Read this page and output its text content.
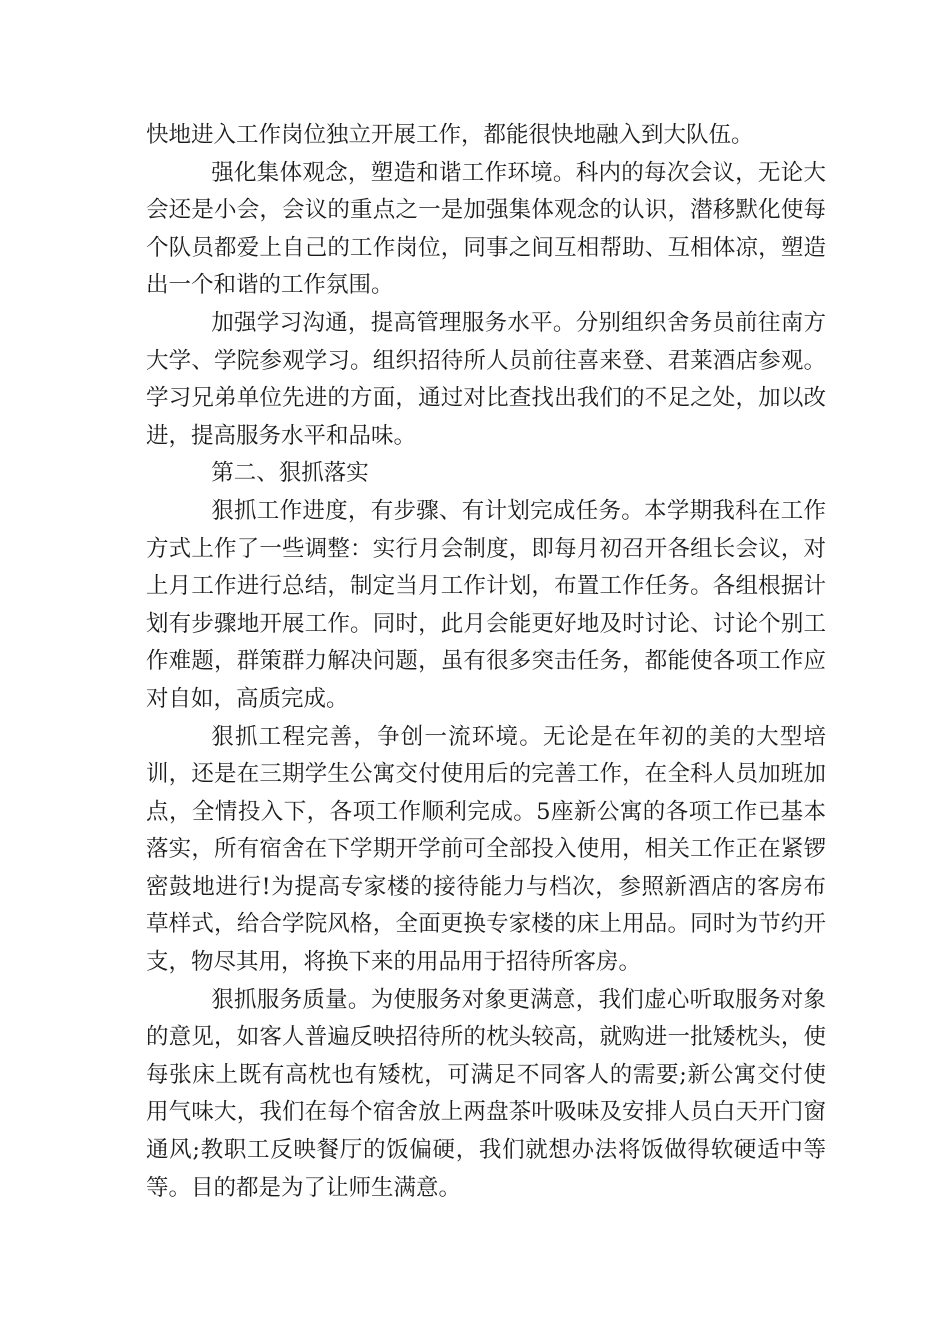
快地进入工作岗位独立开展工作，都能很快地融入到大队伍。

强化集体观念，塑造和谐工作环境。科内的每次会议，无论大会还是小会，会议的重点之一是加强集体观念的认识，潜移默化使每个队员都爱上自己的工作岗位，同事之间互相帮助、互相体凉，塑造出一个和谐的工作氛围。

加强学习沟通，提高管理服务水平。分别组织舍务员前往南方大学、学院参观学习。组织招待所人员前往喜来登、君莱酒店参观。学习兄弟单位先进的方面，通过对比查找出我们的不足之处，加以改进，提高服务水平和品味。

第二、狠抓落实

狠抓工作进度，有步骤、有计划完成任务。本学期我科在工作方式上作了一些调整：实行月会制度，即每月初召开各组长会议，对上月工作进行总结，制定当月工作计划，布置工作任务。各组根据计划有步骤地开展工作。同时，此月会能更好地及时讨论、讨论个别工作难题，群策群力解决问题，虽有很多突击任务，都能使各项工作应对自如，高质完成。

狠抓工程完善，争创一流环境。无论是在年初的美的大型培训，还是在三期学生公寓交付使用后的完善工作，在全科人员加班加点，全情投入下，各项工作顺利完成。5座新公寓的各项工作已基本落实，所有宿舍在下学期开学前可全部投入使用，相关工作正在紧锣密鼓地进行!为提高专家楼的接待能力与档次，参照新酒店的客房布草样式，给合学院风格，全面更换专家楼的床上用品。同时为节约开支，物尽其用，将换下来的用品用于招待所客房。

狠抓服务质量。为使服务对象更满意，我们虚心听取服务对象的意见，如客人普遍反映招待所的枕头较高，就购进一批矮枕头，使每张床上既有高枕也有矮枕，可满足不同客人的需要;新公寓交付使用气味大，我们在每个宿舍放上两盘茶叶吸味及安排人员白天开门窗通风;教职工反映餐厅的饭偏硬，我们就想办法将饭做得软硬适中等等。目的都是为了让师生满意。
